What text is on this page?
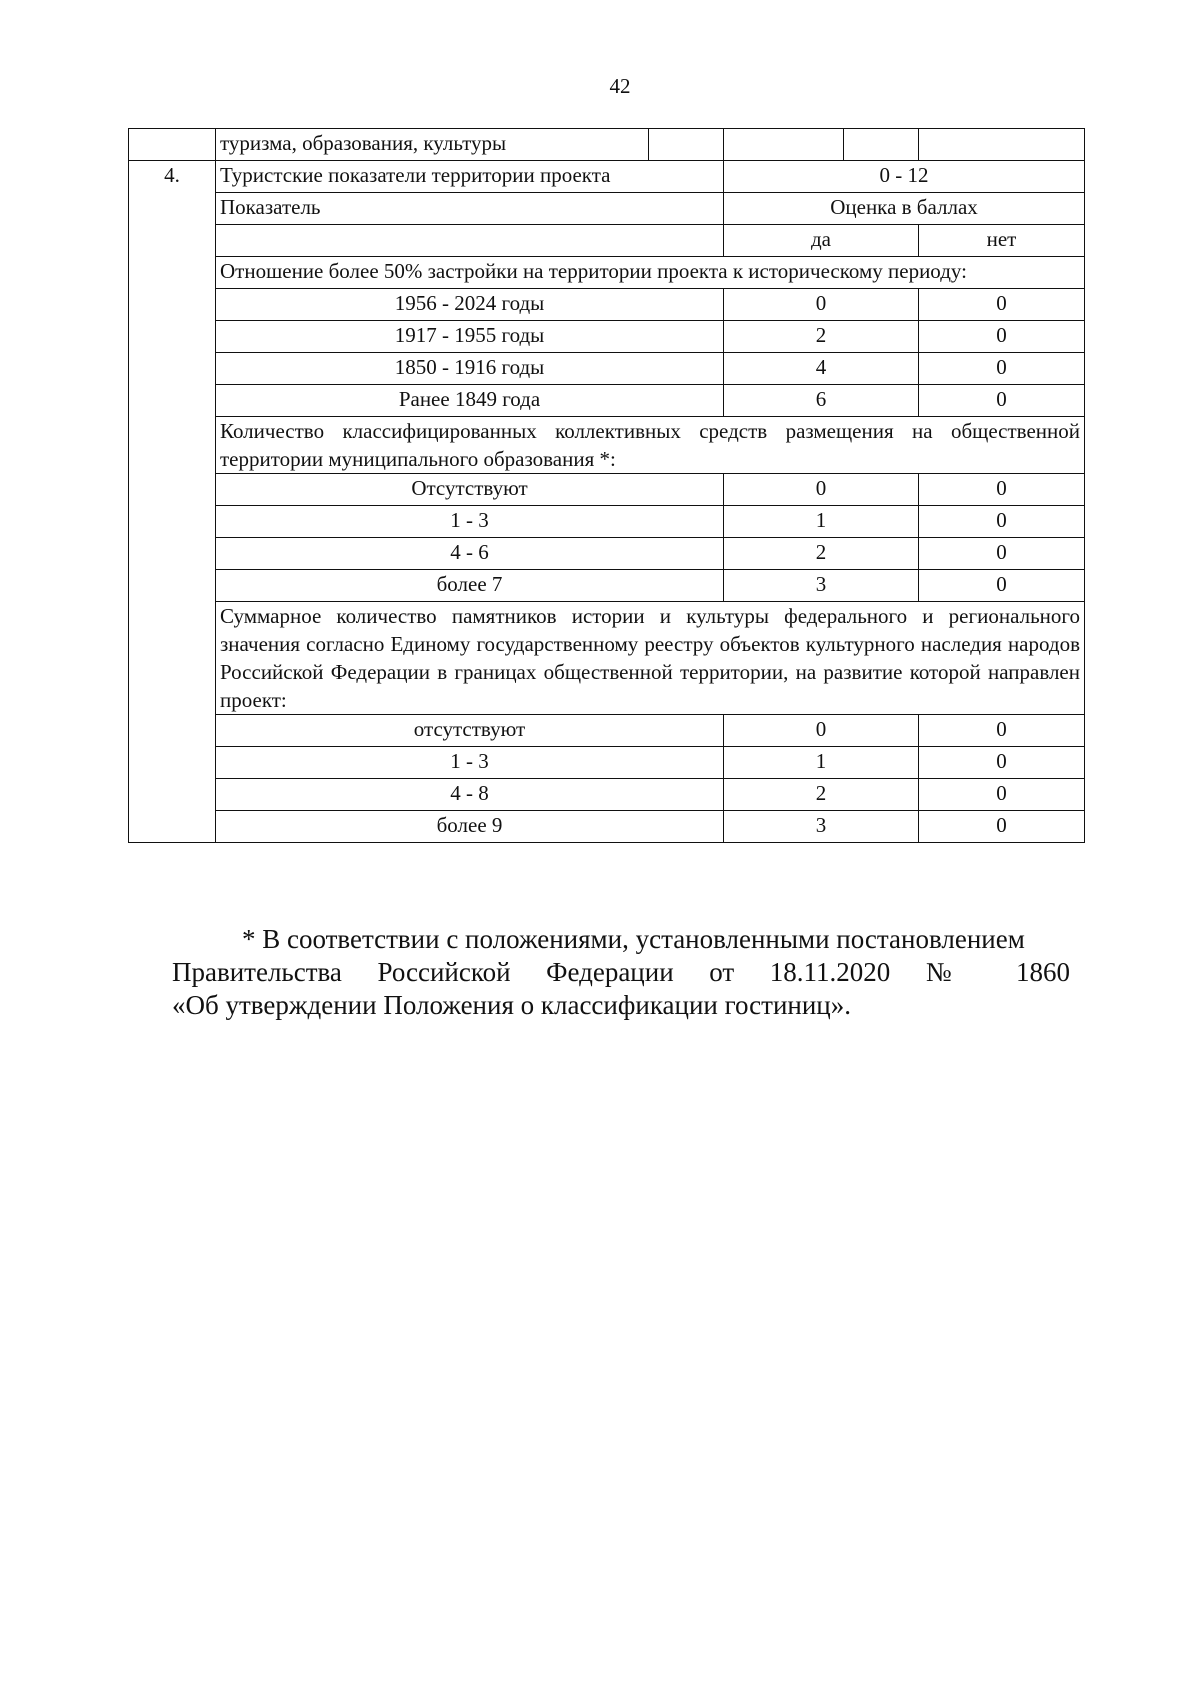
42
	туризма, образования, культуры				
4.	Туристские показатели территории проекта		0 - 12		
	Показатель		Оценка в баллах		
			да		нет
	Отношение более 50% застройки на территории проекта к историческому периоду:				
	1956 - 2024 годы		0		0
	1917 - 1955 годы		2		0
	1850 - 1916 годы		4		0
	Ранее 1849 года		6		0
	Количество классифицированных коллективных средств размещения на общественной территории муниципального образования *:				
	Отсутствуют		0		0
	1 - 3		1		0
	4 - 6		2		0
	более 7		3		0
	Суммарное количество памятников истории и культуры федерального и регионального значения согласно Единому государственному реестру объектов культурного наследия народов Российской Федерации в границах общественной территории, на развитие которой направлен проект:				
	отсутствуют		0		0
	1 - 3		1		0
	4 - 8		2		0
	более 9		3		0

* В соответствии с положениями, установленными постановлением

Правительства Российской Федерации от 18.11.2020 № 1860

«Об утверждении Положения о классификации гостиниц».
